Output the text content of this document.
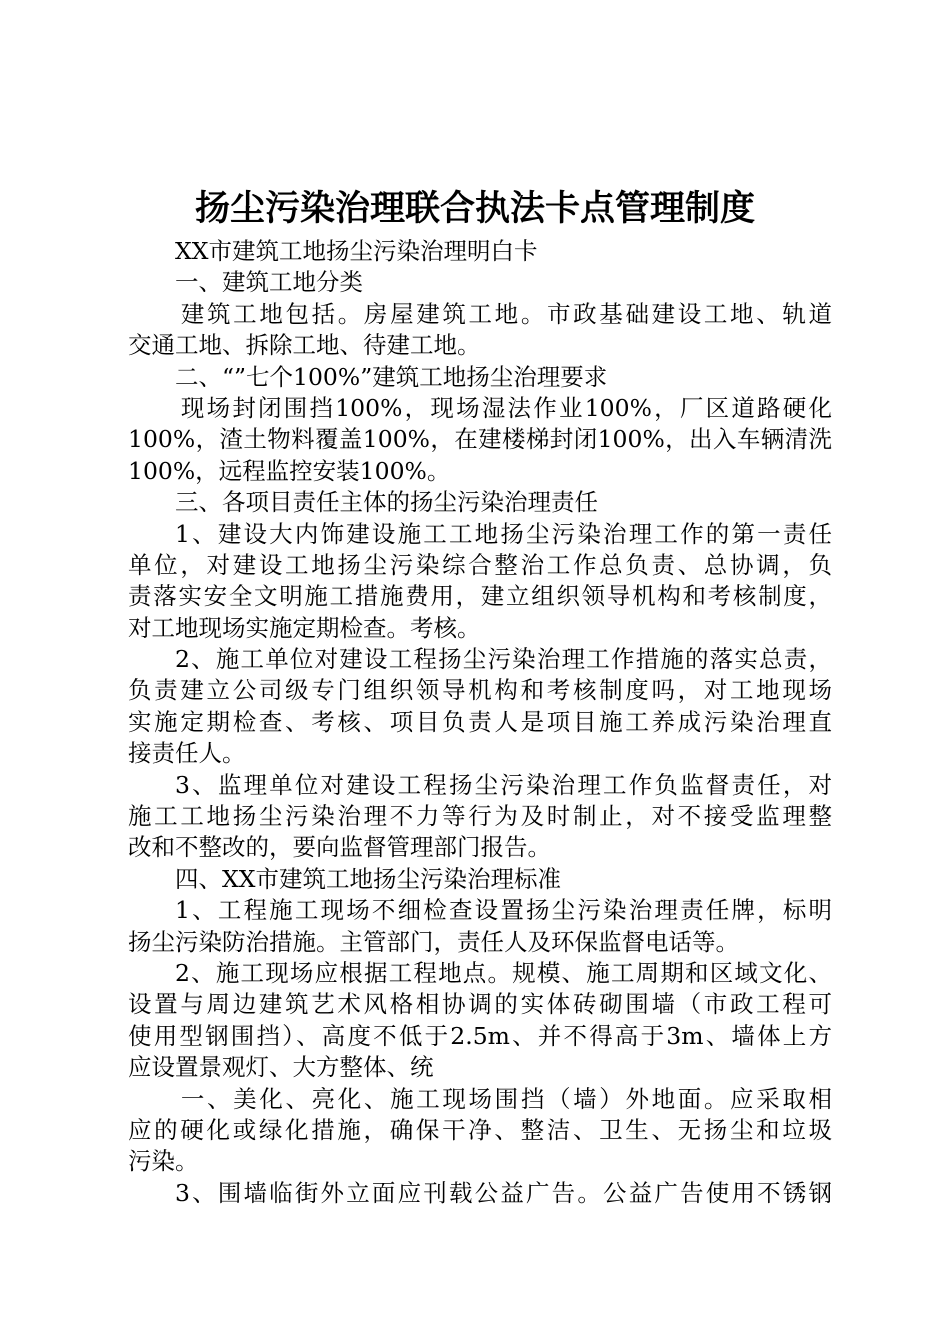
扬尘污染治理联合执法卡点管理制度
XX市建筑工地扬尘污染治理明白卡
一、建筑工地分类
建筑工地包括。房屋建筑工地。市政基础建设工地、轨道
交通工地、拆除工地、待建工地。
二、“”七个100%”建筑工地扬尘治理要求
现场封闭围挡100%，现场湿法作业100%，厂区道路硬化
100%，渣土物料覆盖100%，在建楼梯封闭100%，出入车辆清洗
100%，远程监控安装100%。
三、各项目责任主体的扬尘污染治理责任
1、建设大内饰建设施工工地扬尘污染治理工作的第一责任
单位，对建设工地扬尘污染综合整治工作总负责、总协调，负
责落实安全文明施工措施费用，建立组织领导机构和考核制度，
对工地现场实施定期检查。考核。
2、施工单位对建设工程扬尘污染治理工作措施的落实总责，
负责建立公司级专门组织领导机构和考核制度吗，对工地现场
实施定期检查、考核、项目负责人是项目施工养成污染治理直
接责任人。
3、监理单位对建设工程扬尘污染治理工作负监督责任，对
施工工地扬尘污染治理不力等行为及时制止，对不接受监理整
改和不整改的，要向监督管理部门报告。
四、XX市建筑工地扬尘污染治理标准
1、工程施工现场不细检查设置扬尘污染治理责任牌，标明
扬尘污染防治措施。主管部门，责任人及环保监督电话等。
2、施工现场应根据工程地点。规模、施工周期和区域文化、
设置与周边建筑艺术风格相协调的实体砖砌围墙（市政工程可
使用型钢围挡）、高度不低于2.5m、并不得高于3m、墙体上方
应设置景观灯、大方整体、统
一、美化、亮化、施工现场围挡（墙）外地面。应采取相
应的硬化或绿化措施，确保干净、整洁、卫生、无扬尘和垃圾
污染。
3、围墙临街外立面应刊载公益广告。公益广告使用不锈钢
